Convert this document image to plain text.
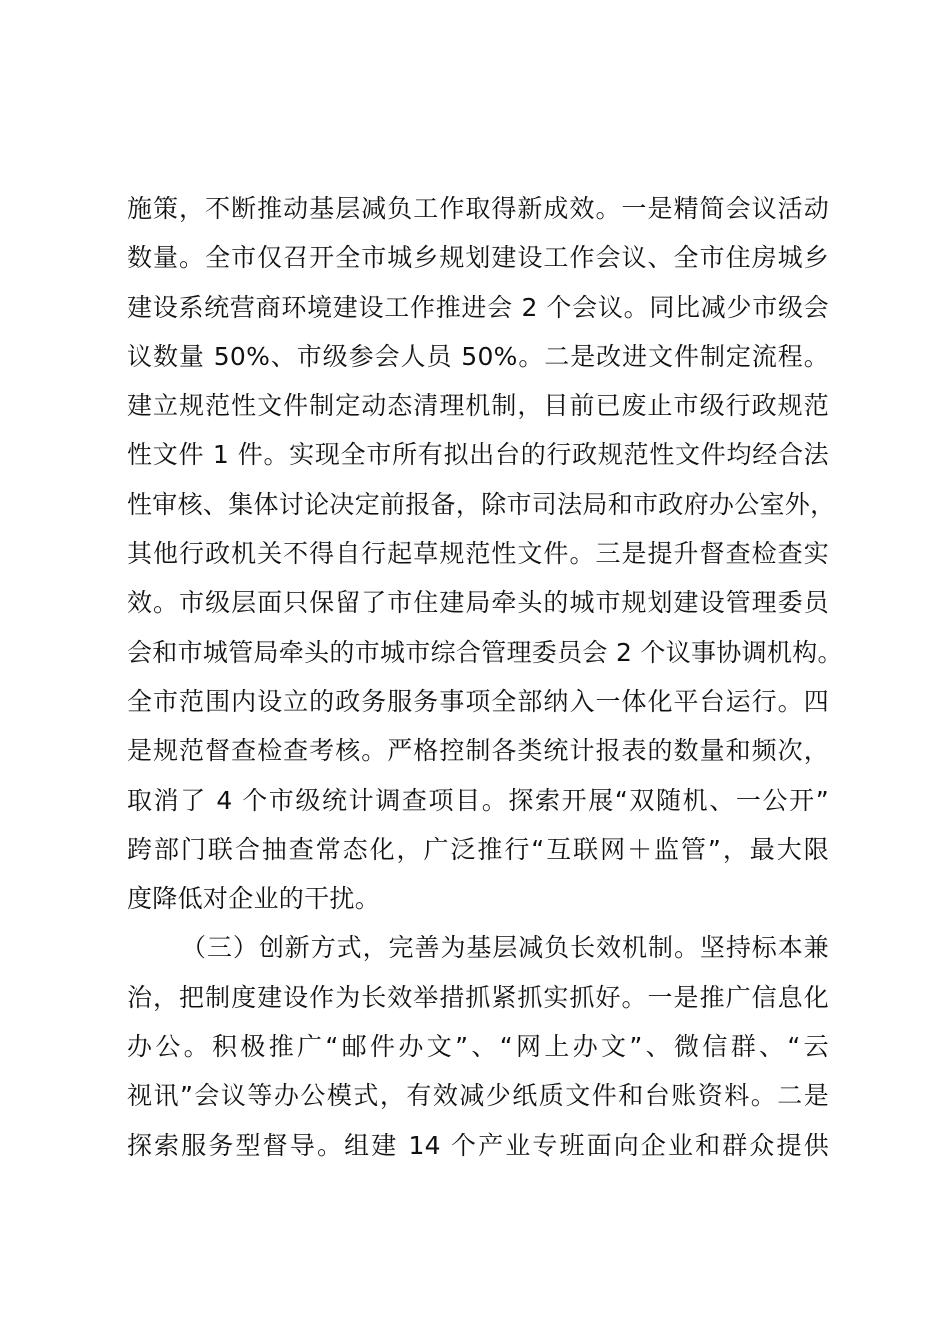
施策，不断推动基层减负工作取得新成效。一是精简会议活动
数量。全市仅召开全市城乡规划建设工作会议、全市住房城乡
建设系统营商环境建设工作推进会 2 个会议。同比减少市级会
议数量 50%、市级参会人员 50%。二是改进文件制定流程。
建立规范性文件制定动态清理机制，目前已废止市级行政规范
性文件 1 件。实现全市所有拟出台的行政规范性文件均经合法
性审核、集体讨论决定前报备，除市司法局和市政府办公室外，
其他行政机关不得自行起草规范性文件。三是提升督查检查实
效。市级层面只保留了市住建局牵头的城市规划建设管理委员
会和市城管局牵头的市城市综合管理委员会 2 个议事协调机构。
全市范围内设立的政务服务事项全部纳入一体化平台运行。四
是规范督查检查考核。严格控制各类统计报表的数量和频次，
取消了 4 个市级统计调查项目。探索开展“双随机、一公开”
跨部门联合抽查常态化，广泛推行“互联网＋监管”，最大限
度降低对企业的干扰。
（三）创新方式，完善为基层减负长效机制。坚持标本兼
治，把制度建设作为长效举措抓紧抓实抓好。一是推广信息化
办公。积极推广“邮件办文”、“网上办文”、微信群、“云
视讯”会议等办公模式，有效减少纸质文件和台账资料。二是
探索服务型督导。组建 14 个产业专班面向企业和群众提供
